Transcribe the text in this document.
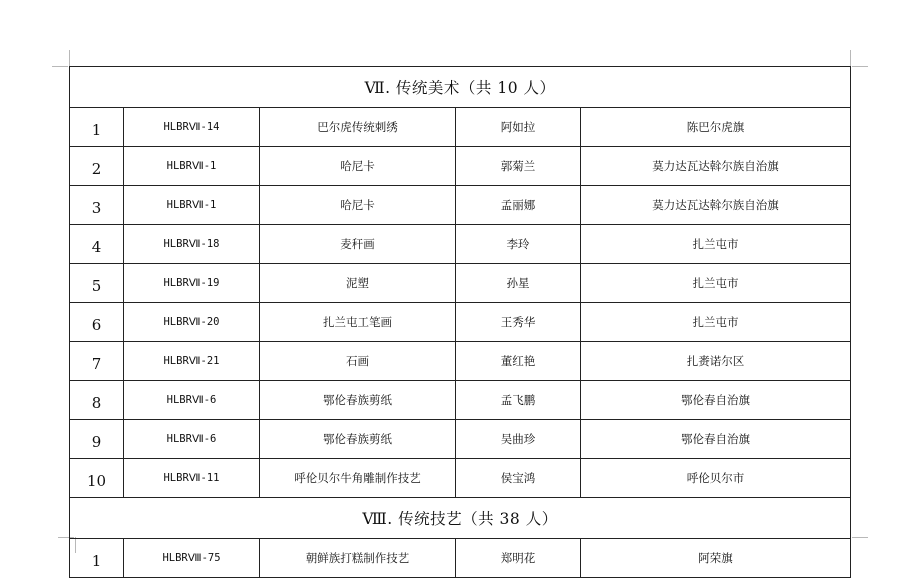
Ⅶ. 传统美术（共 10 人）				
1	HLBRⅦ-14	巴尔虎传统刺绣	阿如拉	陈巴尔虎旗
2	HLBRⅦ-1	哈尼卡	郭菊兰	莫力达瓦达斡尔族自治旗
3	HLBRⅦ-1	哈尼卡	孟丽娜	莫力达瓦达斡尔族自治旗
4	HLBRⅦ-18	麦秆画	李玲	扎兰屯市
5	HLBRⅦ-19	泥塑	孙星	扎兰屯市
6	HLBRⅦ-20	扎兰屯工笔画	王秀华	扎兰屯市
7	HLBRⅦ-21	石画	董红艳	扎赉诺尔区
8	HLBRⅦ-6	鄂伦春族剪纸	孟飞鹏	鄂伦春自治旗
9	HLBRⅦ-6	鄂伦春族剪纸	吴曲珍	鄂伦春自治旗
10	HLBRⅦ-11	呼伦贝尔牛角雕制作技艺	侯宝鸿	呼伦贝尔市
Ⅷ. 传统技艺（共 38 人）				
1	HLBRⅧ-75	朝鲜族打糕制作技艺	郑明花	阿荣旗
